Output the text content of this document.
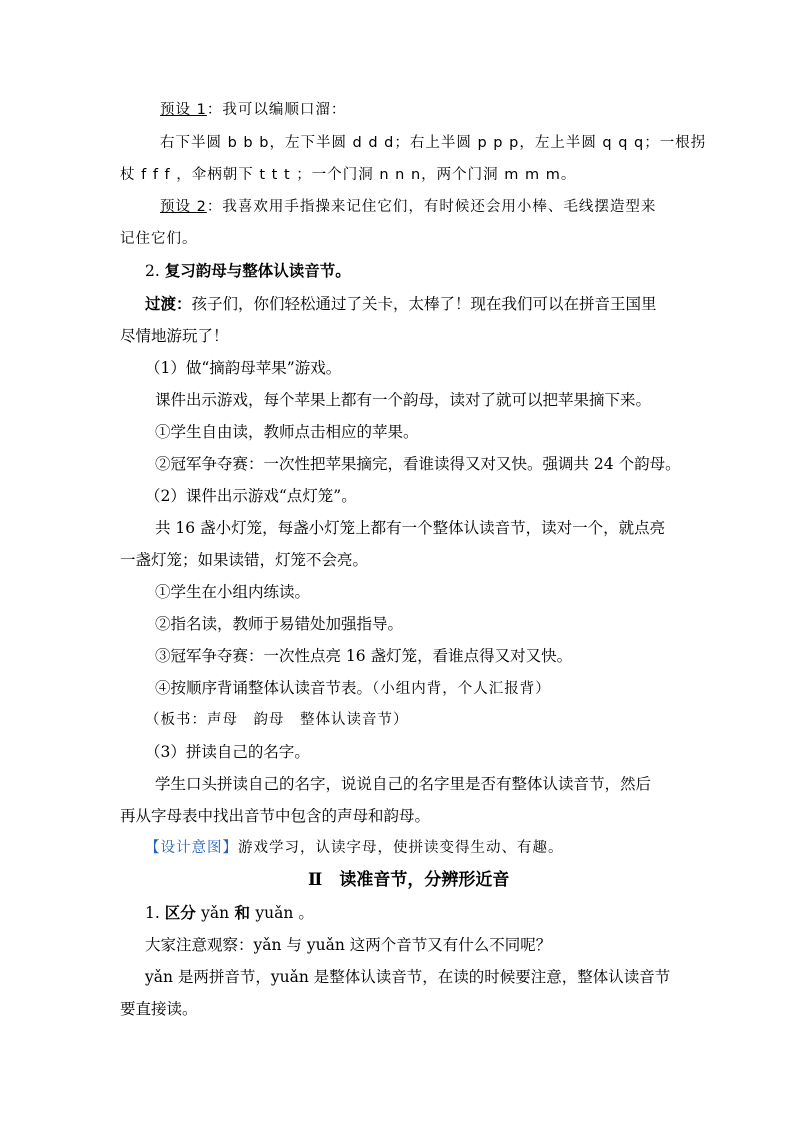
预设 1：我可以编顺口溜：
右下半圆 b b b，左下半圆 d d d；右上半圆 p p p，左上半圆 q q q；一根拐
杖 f f f ，伞柄朝下 t t t ；一个门洞 n n n，两个门洞 m m m。
预设 2：我喜欢用手指操来记住它们，有时候还会用小棒、毛线摆造型来
记住它们。
2. 复习韵母与整体认读音节。
过渡：孩子们，你们轻松通过了关卡，太棒了！现在我们可以在拼音王国里
尽情地游玩了！
（1）做“摘韵母苹果”游戏。
课件出示游戏，每个苹果上都有一个韵母，读对了就可以把苹果摘下来。
①学生自由读，教师点击相应的苹果。
②冠军争夺赛：一次性把苹果摘完，看谁读得又对又快。强调共 24 个韵母。
（2）课件出示游戏“点灯笼”。
共 16 盏小灯笼，每盏小灯笼上都有一个整体认读音节，读对一个，就点亮
一盏灯笼；如果读错，灯笼不会亮。
①学生在小组内练读。
②指名读，教师于易错处加强指导。
③冠军争夺赛：一次性点亮 16 盏灯笼，看谁点得又对又快。
④按顺序背诵整体认读音节表。（小组内背，个人汇报背）
（板书：声母　韵母　整体认读音节）
（3）拼读自己的名字。
学生口头拼读自己的名字，说说自己的名字里是否有整体认读音节，然后
再从字母表中找出音节中包含的声母和韵母。
【设计意图】游戏学习，认读字母，使拼读变得生动、有趣。
Ⅱ　读准音节，分辨形近音
1. 区分 yǎn 和 yuǎn 。
大家注意观察：yǎn 与 yuǎn 这两个音节又有什么不同呢？
yǎn 是两拼音节，yuǎn 是整体认读音节，在读的时候要注意，整体认读音节
要直接读。
